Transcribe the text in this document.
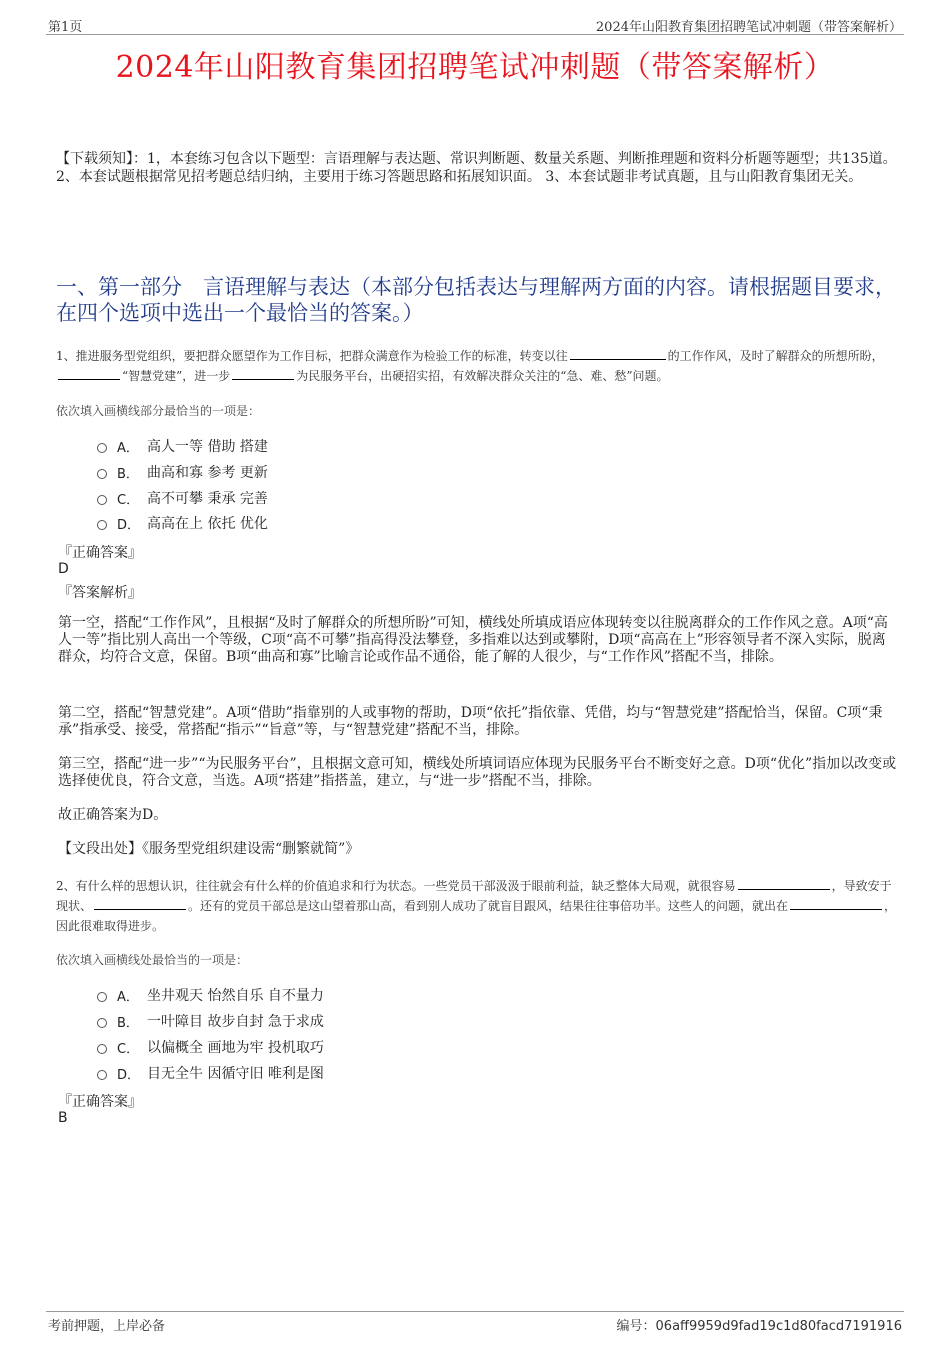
第1页	2024年山阳教育集团招聘笔试冲刺题（带答案解析）
2024年山阳教育集团招聘笔试冲刺题（带答案解析）
【下载须知】：1，本套练习包含以下题型：言语理解与表达题、常识判断题、数量关系题、判断推理题和资料分析题等题型；共135道。 2、本套试题根据常见招考题总结归纳，主要用于练习答题思路和拓展知识面。 3、本套试题非考试真题，且与山阳教育集团无关。
一、第一部分　言语理解与表达（本部分包括表达与理解两方面的内容。请根据题目要求，在四个选项中选出一个最恰当的答案。）
1、推进服务型党组织，要把群众愿望作为工作目标，把群众满意作为检验工作的标准，转变以往	的工作作风，及时了解群众的所想所盼，“智慧党建”，进一步	为民服务平台，出硬招实招，有效解决群众关注的“急、难、愁”问题。
依次填入画横线部分最恰当的一项是：
A． 高人一等 借助 搭建
B． 曲高和寡 参考 更新
C． 高不可攀 秉承 完善
D． 高高在上 依托 优化
『正确答案』
D
『答案解析』
第一空，搭配“工作作风”，且根据“及时了解群众的所想所盼”可知，横线处所填成语应体现转变以往脱离群众的工作作风之意。A项“高人一等”指比别人高出一个等级，C项“高不可攀”指高得没法攀登，多指难以达到或攀附，D项“高高在上”形容领导者不深入实际，脱离群众，均符合文意，保留。B项“曲高和寡”比喻言论或作品不通俗，能了解的人很少，与“工作作风”搭配不当，排除。
第二空，搭配“智慧党建”。A项“借助”指靠别的人或事物的帮助，D项“依托”指依靠、凭借，均与“智慧党建”搭配恰当，保留。C项“秉承”指承受、接受，常搭配“指示”“旨意”等，与“智慧党建”搭配不当，排除。
第三空，搭配“进一步”“为民服务平台”，且根据文意可知，横线处所填词语应体现为民服务平台不断变好之意。D项“优化”指加以改变或选择使优良，符合文意，当选。A项“搭建”指搭盖，建立，与“进一步”搭配不当，排除。
故正确答案为D。
【文段出处】《服务型党组织建设需“删繁就简”》
2、有什么样的思想认识，往往就会有什么样的价值追求和行为状态。一些党员干部汲汲于眼前利益，缺乏整体大局观，就很容易	，导致安于现状、	。还有的党员干部总是这山望着那山高，看到别人成功了就盲目跟风，结果往往事倍功半。这些人的问题，就出在	，因此很难取得进步。
依次填入画横线处最恰当的一项是：
A． 坐井观天 怡然自乐 自不量力
B． 一叶障目 故步自封 急于求成
C． 以偏概全 画地为牢 投机取巧
D． 目无全牛 因循守旧 唯利是图
『正确答案』
B
考前押题，上岸必备	编号：06aff9959d9fad19c1d80facd7191916
